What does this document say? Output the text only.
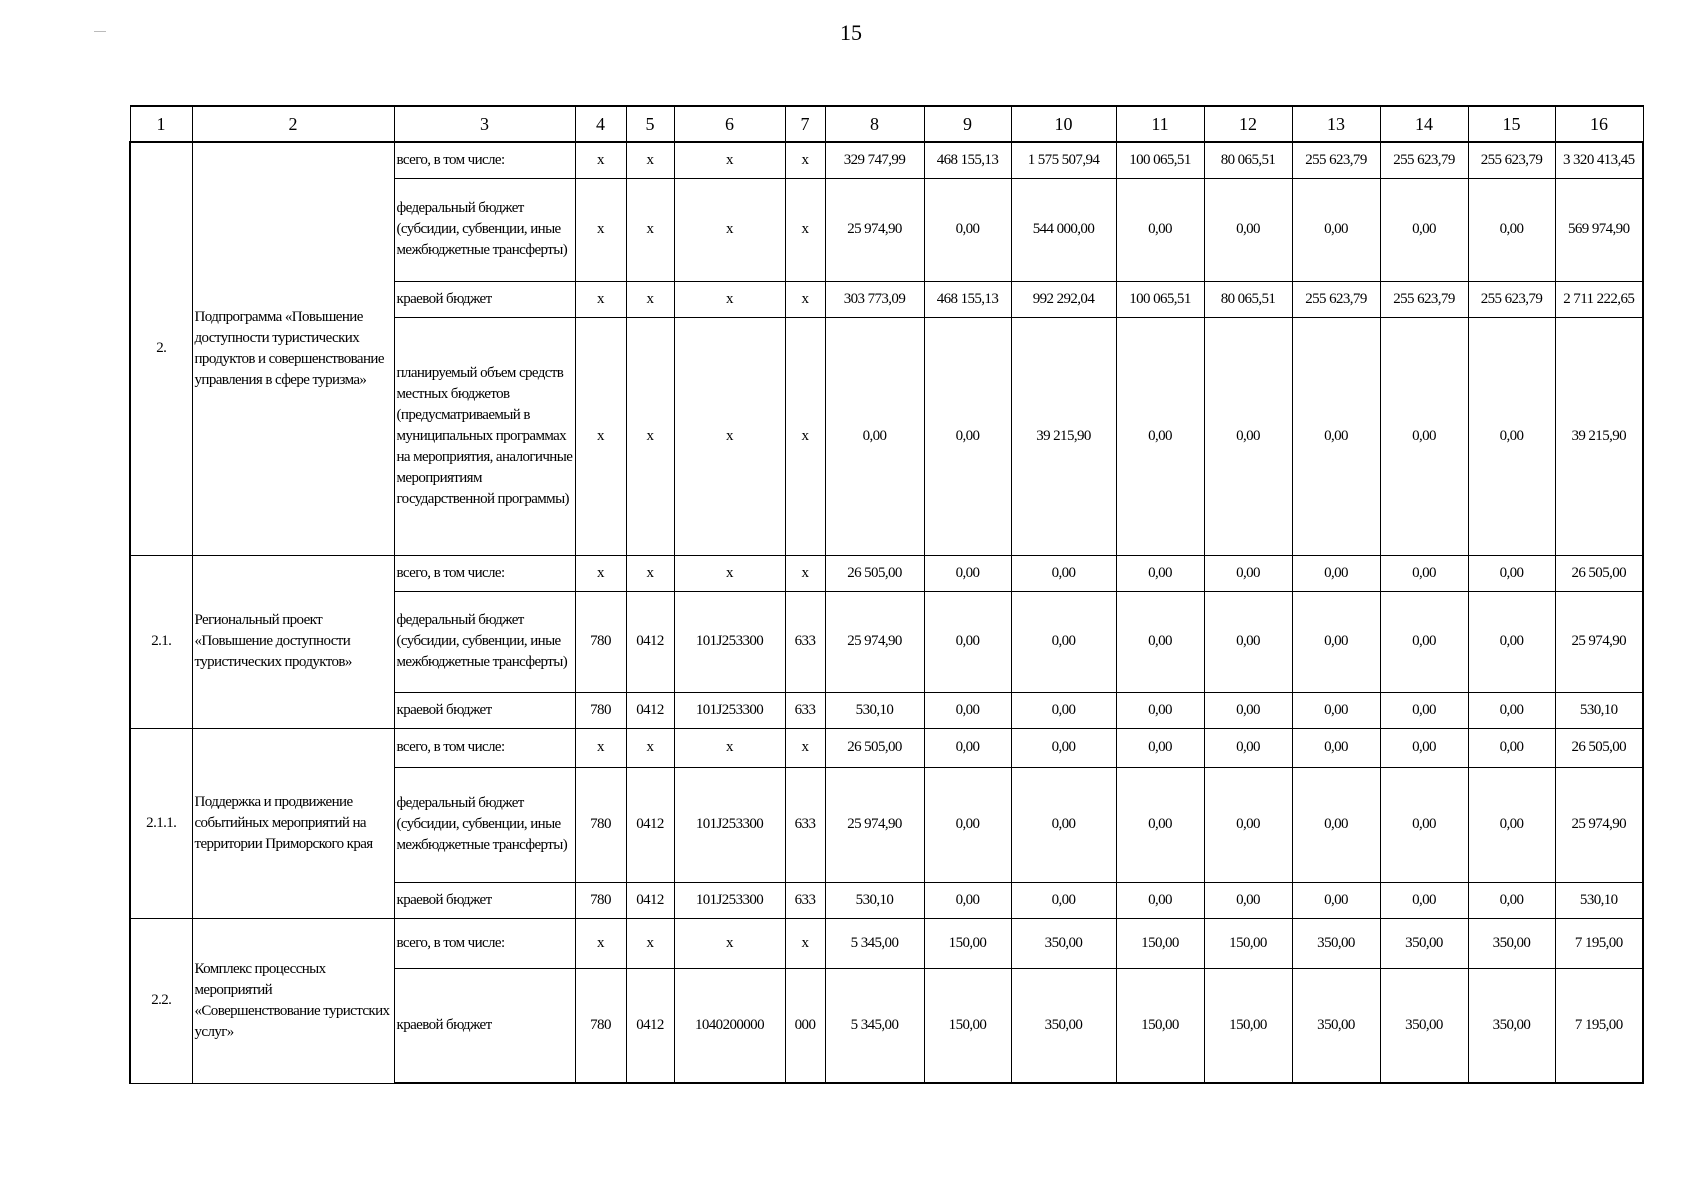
15
1	2	3	4	5	6	7	8	9	10	11	12	13	14	15	16
2.	Подпрограмма «Повышение доступности туристических продуктов и совершенствование управления в сфере туризма»	всего, в том числе:	x	x	x	x	329 747,99	468 155,13	1 575 507,94	100 065,51	80 065,51	255 623,79	255 623,79	255 623,79	3 320 413,45
		федеральный бюджет (субсидии, субвенции, иные межбюджетные трансферты)	x	x	x	x	25 974,90	0,00	544 000,00	0,00	0,00	0,00	0,00	0,00	569 974,90
		краевой бюджет	x	x	x	x	303 773,09	468 155,13	992 292,04	100 065,51	80 065,51	255 623,79	255 623,79	255 623,79	2 711 222,65
		планируемый объем средств местных бюджетов (предусматриваемый в муниципальных программах на мероприятия, аналогичные мероприятиям государственной программы)	x	x	x	x	0,00	0,00	39 215,90	0,00	0,00	0,00	0,00	0,00	39 215,90
2.1.	Региональный проект «Повышение доступности туристических продуктов»	всего, в том числе:	x	x	x	x	26 505,00	0,00	0,00	0,00	0,00	0,00	0,00	0,00	26 505,00
		федеральный бюджет (субсидии, субвенции, иные межбюджетные трансферты)	780	0412	101J253300	633	25 974,90	0,00	0,00	0,00	0,00	0,00	0,00	0,00	25 974,90
		краевой бюджет	780	0412	101J253300	633	530,10	0,00	0,00	0,00	0,00	0,00	0,00	0,00	530,10
2.1.1.	Поддержка и продвижение событийных мероприятий на территории Приморского края	всего, в том числе:	x	x	x	x	26 505,00	0,00	0,00	0,00	0,00	0,00	0,00	0,00	26 505,00
		федеральный бюджет (субсидии, субвенции, иные межбюджетные трансферты)	780	0412	101J253300	633	25 974,90	0,00	0,00	0,00	0,00	0,00	0,00	0,00	25 974,90
		краевой бюджет	780	0412	101J253300	633	530,10	0,00	0,00	0,00	0,00	0,00	0,00	0,00	530,10
2.2.	Комплекс процессных мероприятий «Совершенствование туристских услуг»	всего, в том числе:	x	x	x	x	5 345,00	150,00	350,00	150,00	150,00	350,00	350,00	350,00	7 195,00
		краевой бюджет	780	0412	1040200000	000	5 345,00	150,00	350,00	150,00	150,00	350,00	350,00	350,00	7 195,00
